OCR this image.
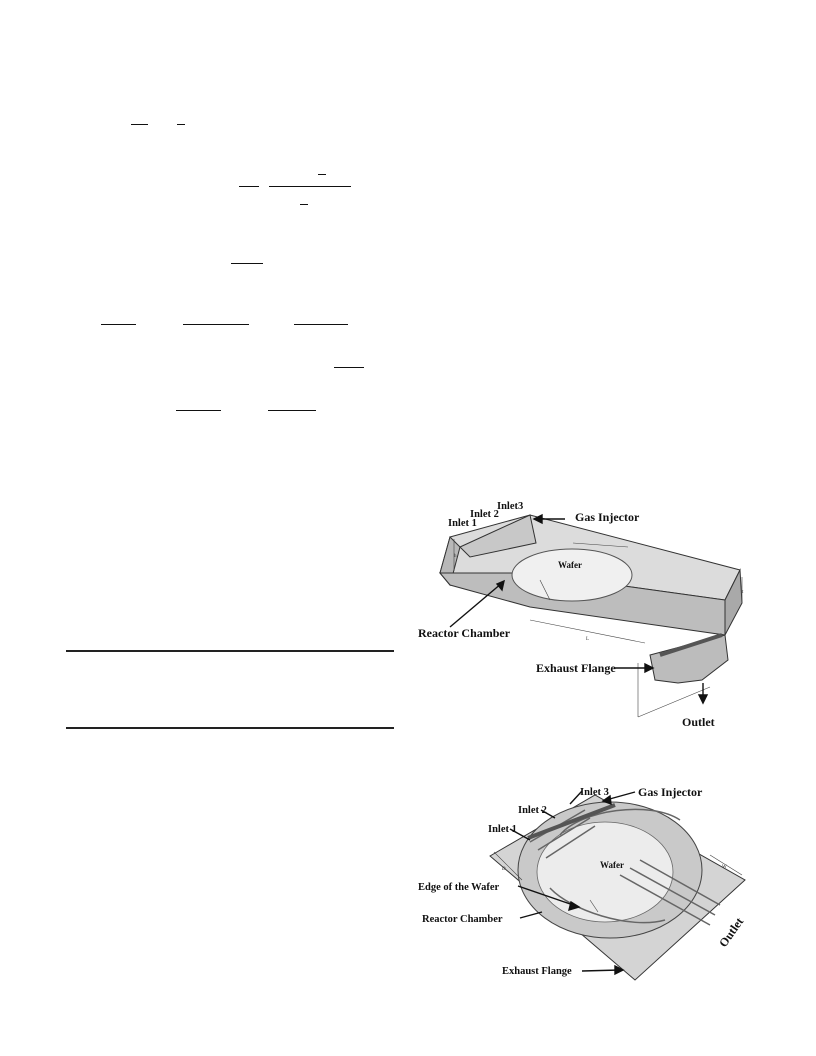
h
L
t
Inlet 1
Inlet 2
Inlet3
Gas Injector
Wafer
Reactor Chamber
Exhaust Flange
Outlet
D	W
Inlet 1
Inlet 2
Inlet 3 Gas Injector
Wafer
Edge of the Wafer
Reactor Chamber
Exhaust Flange
Outlet
